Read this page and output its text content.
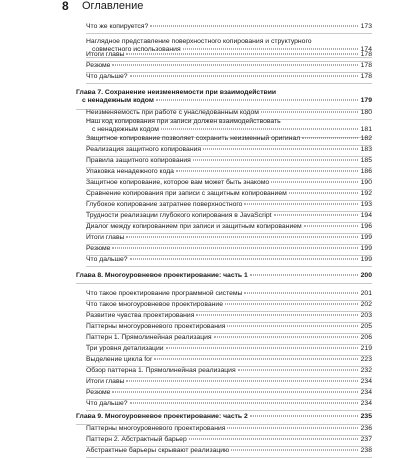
8 Оглавление
Что же копируется?	173
Наглядное представление поверхностного копирования и структурного
совместного использования	174
Итоги главы	178
Резюме	178
Что дальше?	178
Глава 7. Сохранение неизменяемости при взаимодействии
с ненадежным кодом	179
Неизменяемость при работе с унаследованным кодом	180
Наш код копирования при записи должен взаимодействовать
с ненадежным кодом	181
Защитное копирование позволяет сохранить неизменный оригинал	182
Реализация защитного копирования	183
Правила защитного копирования	185
Упаковка ненадежного кода	186
Защитное копирование, которое вам может быть знакомо	190
Сравнение копирования при записи с защитным копированием	192
Глубокое копирование затратнее поверхностного	193
Трудности реализации глубокого копирования в JavaScript	194
Диалог между копированием при записи и защитным копированием	196
Итоги главы	199
Резюме	199
Что дальше?	199
Глава 8. Многоуровневое проектирование: часть 1	200
Что такое проектирование программной системы	201
Что такое многоуровневое проектирование	202
Развитие чувства проектирования	203
Паттерны многоуровневого проектирования	205
Паттерн 1. Прямолинейная реализация	206
Три уровня детализации	219
Выделение цикла for	223
Обзор паттерна 1. Прямолинейная реализация	232
Итоги главы	234
Резюме	234
Что дальше?	234
Глава 9. Многоуровневое проектирование: часть 2	235
Паттерны многоуровневого проектирования	236
Паттерн 2. Абстрактный барьер	237
Абстрактные барьеры скрывают реализацию	238
